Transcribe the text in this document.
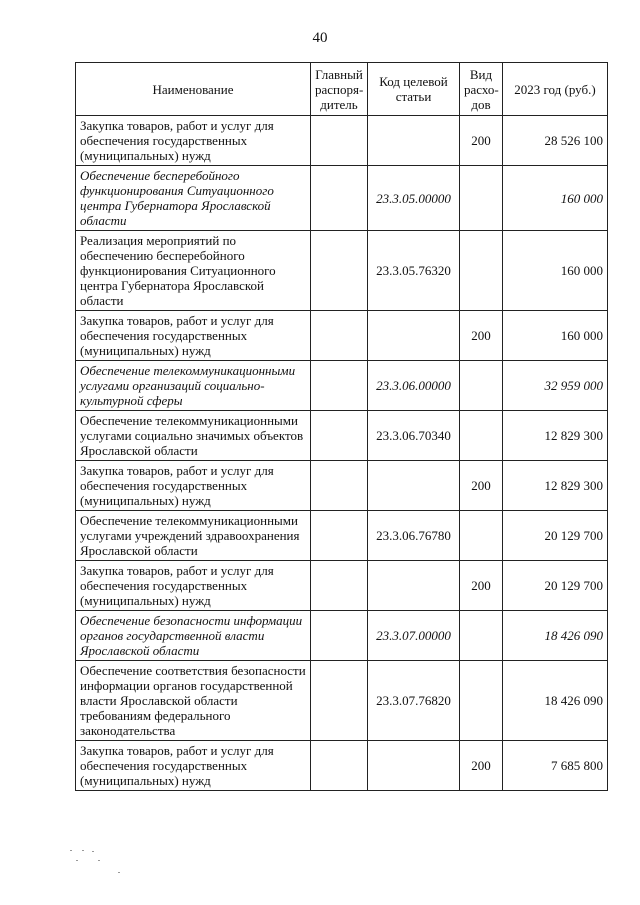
40
Наименование	Главный распоря-дитель	Код целевой статьи	Вид расхо-дов	2023 год (руб.)
Закупка товаров, работ и услуг для обеспечения государственных (муниципальных) нужд			200	28 526 100
Обеспечение бесперебойного функционирования Ситуационного центра Губернатора Ярославской области		23.3.05.00000		160 000
Реализация мероприятий по обеспечению бесперебойного функционирования Ситуационного центра Губернатора Ярославской области		23.3.05.76320		160 000
Закупка товаров, работ и услуг для обеспечения государственных (муниципальных) нужд			200	160 000
Обеспечение телекоммуникационными услугами организаций социально-культурной сферы		23.3.06.00000		32 959 000
Обеспечение телекоммуникационными услугами социально значимых объектов Ярославской области		23.3.06.70340		12 829 300
Закупка товаров, работ и услуг для обеспечения государственных (муниципальных) нужд			200	12 829 300
Обеспечение телекоммуникационными услугами учреждений здравоохранения Ярославской области		23.3.06.76780		20 129 700
Закупка товаров, работ и услуг для обеспечения государственных (муниципальных) нужд			200	20 129 700
Обеспечение безопасности информации органов государственной власти Ярославской области		23.3.07.00000		18 426 090
Обеспечение соответствия безопасности информации органов государственной власти Ярославской области требованиям федерального законодательства		23.3.07.76820		18 426 090
Закупка товаров, работ и услуг для обеспечения государственных (муниципальных) нужд			200	7 685 800
